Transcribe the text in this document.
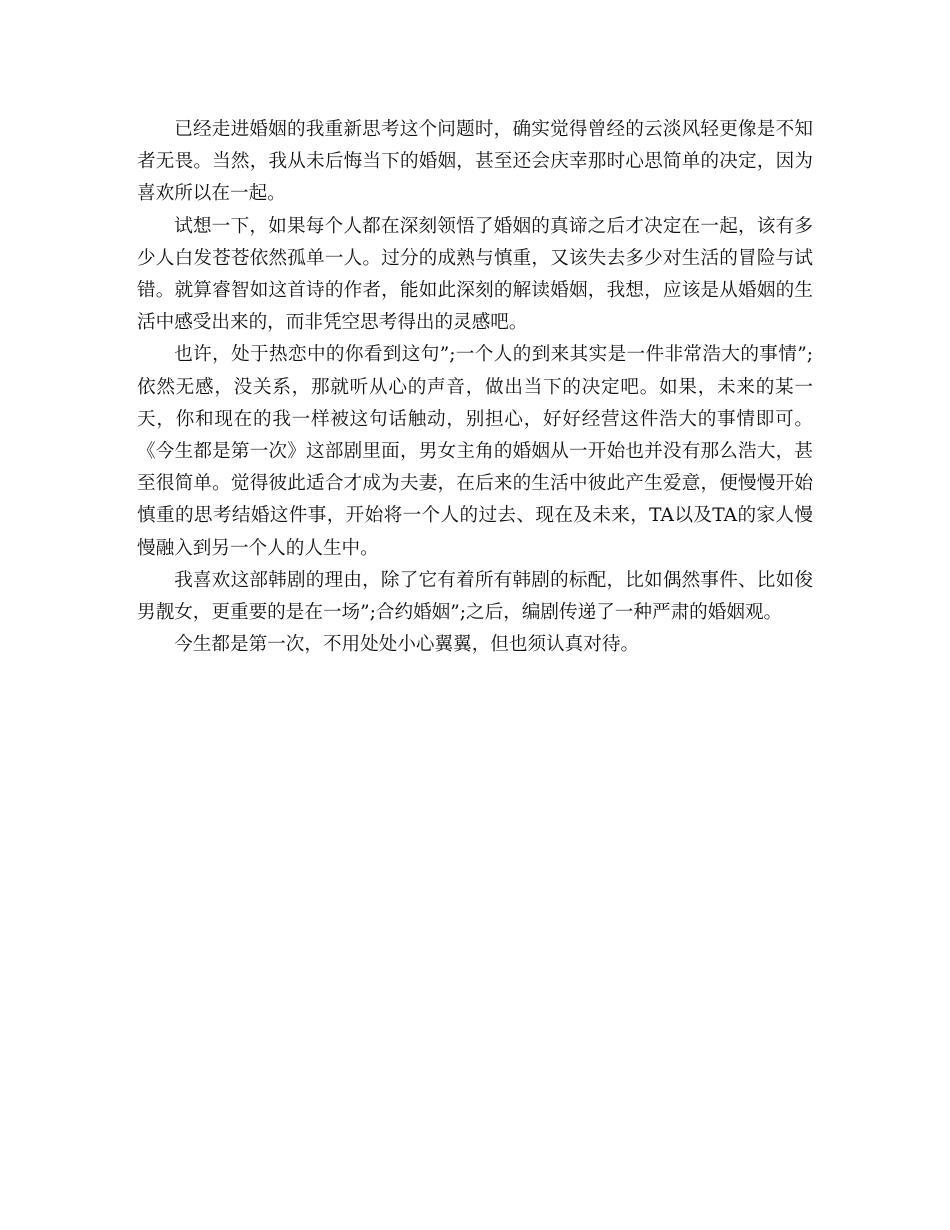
已经走进婚姻的我重新思考这个问题时，确实觉得曾经的云淡风轻更像是不知者无畏。当然，我从未后悔当下的婚姻，甚至还会庆幸那时心思简单的决定，因为喜欢所以在一起。

试想一下，如果每个人都在深刻领悟了婚姻的真谛之后才决定在一起，该有多少人白发苍苍依然孤单一人。过分的成熟与慎重，又该失去多少对生活的冒险与试错。就算睿智如这首诗的作者，能如此深刻的解读婚姻，我想，应该是从婚姻的生活中感受出来的，而非凭空思考得出的灵感吧。

也许，处于热恋中的你看到这句”;一个人的到来其实是一件非常浩大的事情”;依然无感，没关系，那就听从心的声音，做出当下的决定吧。如果，未来的某一天，你和现在的我一样被这句话触动，别担心，好好经营这件浩大的事情即可。《今生都是第一次》这部剧里面，男女主角的婚姻从一开始也并没有那么浩大，甚至很简单。觉得彼此适合才成为夫妻，在后来的生活中彼此产生爱意，便慢慢开始慎重的思考结婚这件事，开始将一个人的过去、现在及未来，TA以及TA的家人慢慢融入到另一个人的人生中。

我喜欢这部韩剧的理由，除了它有着所有韩剧的标配，比如偶然事件、比如俊男靓女，更重要的是在一场”;合约婚姻”;之后，编剧传递了一种严肃的婚姻观。

今生都是第一次，不用处处小心翼翼，但也须认真对待。
